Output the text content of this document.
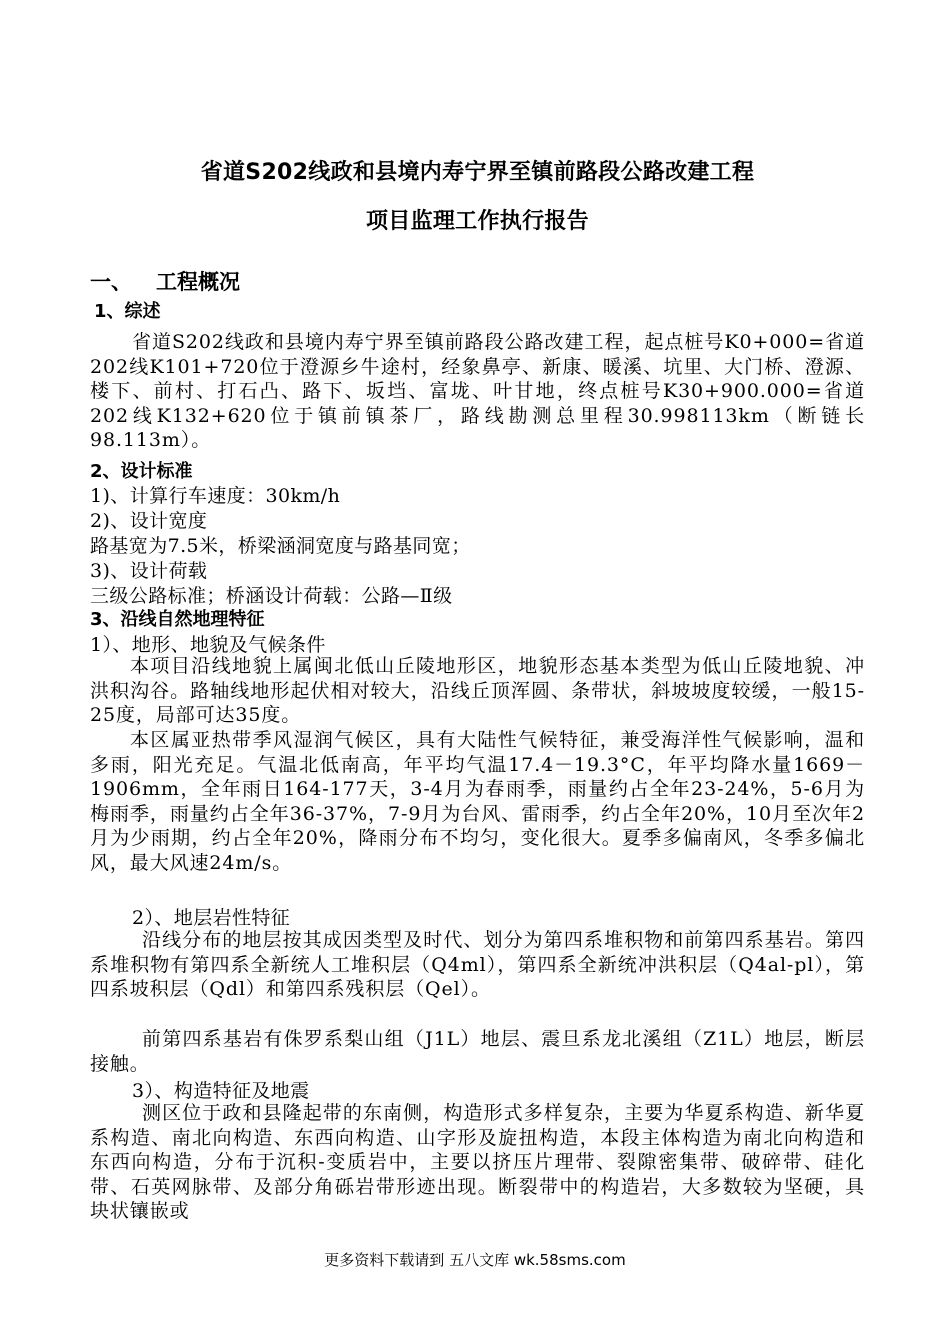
省道S202线政和县境内寿宁界至镇前路段公路改建工程
项目监理工作执行报告
一、 工程概况
1、综述
省道S202线政和县境内寿宁界至镇前路段公路改建工程，起点桩号K0+000=省道202线K101+720位于澄源乡牛途村，经象鼻亭、新康、暖溪、坑里、大门桥、澄源、楼下、前村、打石凸、路下、坂垱、富垅、叶甘地，终点桩号K30+900.000=省道202线K132+620位于镇前镇茶厂，路线勘测总里程30.998113km（断链长98.113m）。
2、设计标准
1)、计算行车速度：30km/h
2)、设计宽度
路基宽为7.5米，桥梁涵洞宽度与路基同宽；
3)、设计荷载
三级公路标准；桥涵设计荷载：公路—Ⅱ级
3、沿线自然地理特征
1）、地形、地貌及气候条件
本项目沿线地貌上属闽北低山丘陵地形区，地貌形态基本类型为低山丘陵地貌、冲洪积沟谷。路轴线地形起伏相对较大，沿线丘顶浑圆、条带状，斜坡坡度较缓，一般15-25度，局部可达35度。
本区属亚热带季风湿润气候区，具有大陆性气候特征，兼受海洋性气候影响，温和多雨，阳光充足。气温北低南高，年平均气温17.4－19.3°C，年平均降水量1669－1906mm，全年雨日164-177天，3-4月为春雨季，雨量约占全年23-24%，5-6月为梅雨季，雨量约占全年36-37%，7-9月为台风、雷雨季，约占全年20%，10月至次年2月为少雨期，约占全年20%，降雨分布不均匀，变化很大。夏季多偏南风，冬季多偏北风，最大风速24m/s。
2）、地层岩性特征
沿线分布的地层按其成因类型及时代、划分为第四系堆积物和前第四系基岩。第四系堆积物有第四系全新统人工堆积层（Q4ml），第四系全新统冲洪积层（Q4al-pl），第四系坡积层（Qdl）和第四系残积层（Qel）。
前第四系基岩有侏罗系梨山组（J1L）地层、震旦系龙北溪组（Z1L）地层，断层接触。
3）、构造特征及地震
测区位于政和县隆起带的东南侧，构造形式多样复杂，主要为华夏系构造、新华夏系构造、南北向构造、东西向构造、山字形及旋扭构造，本段主体构造为南北向构造和东西向构造，分布于沉积-变质岩中，主要以挤压片理带、裂隙密集带、破碎带、硅化带、石英网脉带、及部分角砾岩带形迹出现。断裂带中的构造岩，大多数较为坚硬，具块状镶嵌或
更多资料下载请到 五八文库 wk.58sms.com
